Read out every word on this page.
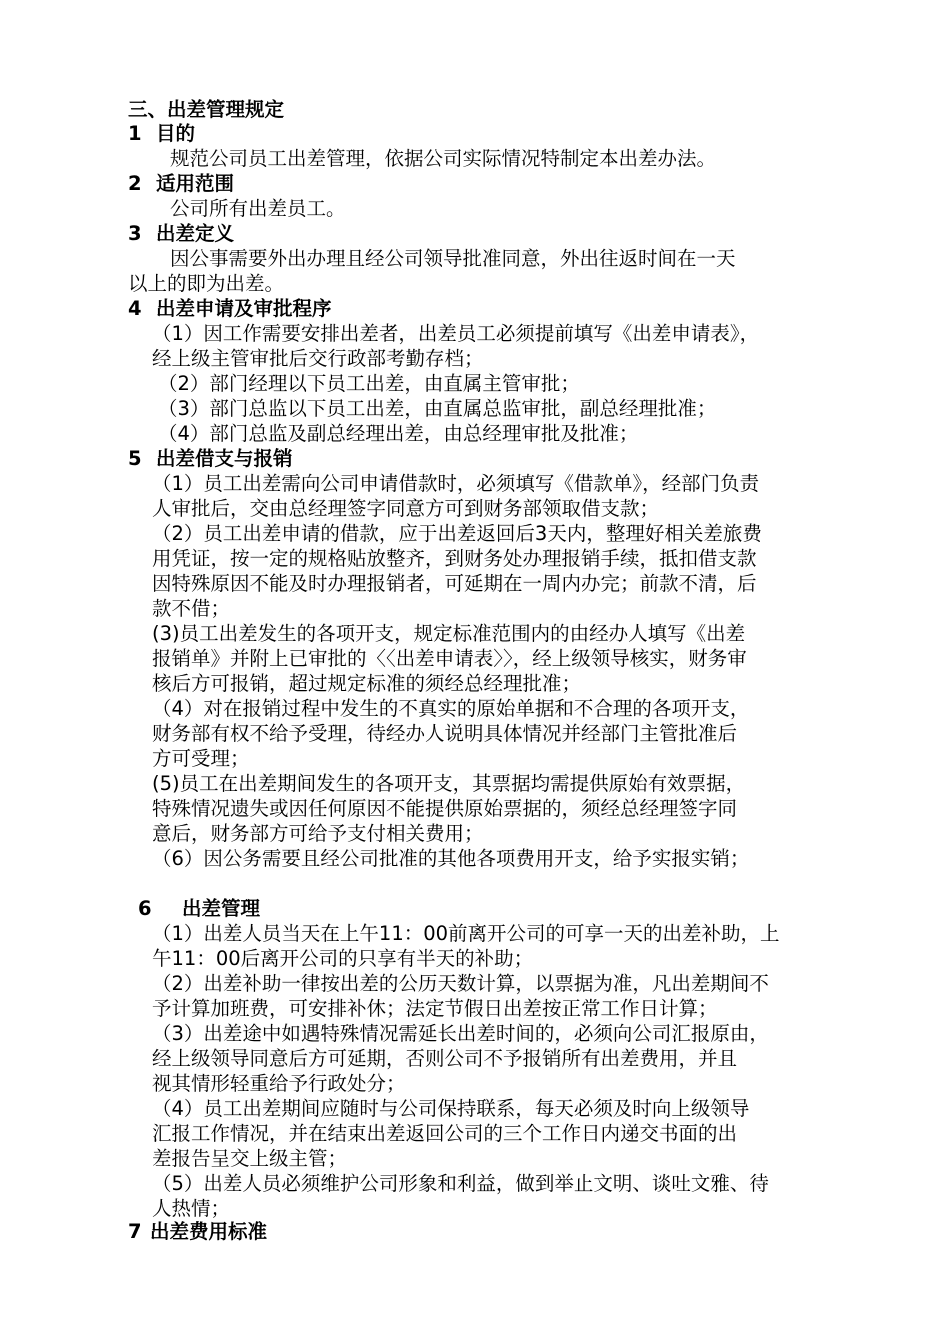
三、出差管理规定
1 目的
规范公司员工出差管理，依据公司实际情况特制定本出差办法。
2 适用范围
公司所有出差员工。
3 出差定义
因公事需要外出办理且经公司领导批准同意，外出往返时间在一天
以上的即为出差。
4 出差申请及审批程序
（1）因工作需要安排出差者，出差员工必须提前填写《出差申请表》，
经上级主管审批后交行政部考勤存档；
（2）部门经理以下员工出差，由直属主管审批；
（3）部门总监以下员工出差，由直属总监审批，副总经理批准；
（4）部门总监及副总经理出差，由总经理审批及批准；
5 出差借支与报销
（1）员工出差需向公司申请借款时，必须填写《借款单》，经部门负责
人审批后，交由总经理签字同意方可到财务部领取借支款；
（2）员工出差申请的借款，应于出差返回后3天内，整理好相关差旅费
用凭证，按一定的规格贴放整齐，到财务处办理报销手续，抵扣借支款
因特殊原因不能及时办理报销者，可延期在一周内办完；前款不清，后
款不借；
(3)员工出差发生的各项开支，规定标准范围内的由经办人填写《出差
报销单》并附上已审批的〈〈出差申请表〉〉，经上级领导核实，财务审
核后方可报销，超过规定标准的须经总经理批准；
（4）对在报销过程中发生的不真实的原始单据和不合理的各项开支，
财务部有权不给予受理，待经办人说明具体情况并经部门主管批准后
方可受理；
(5)员工在出差期间发生的各项开支，其票据均需提供原始有效票据，
特殊情况遗失或因任何原因不能提供原始票据的，须经总经理签字同
意后，财务部方可给予支付相关费用；
（6）因公务需要且经公司批准的其他各项费用开支，给予实报实销；
6 出差管理
（1）出差人员当天在上午11：00前离开公司的可享一天的出差补助，上
午11：00后离开公司的只享有半天的补助；
（2）出差补助一律按出差的公历天数计算，以票据为准，凡出差期间不
予计算加班费，可安排补休；法定节假日出差按正常工作日计算；
（3）出差途中如遇特殊情况需延长出差时间的，必须向公司汇报原由，
经上级领导同意后方可延期，否则公司不予报销所有出差费用，并且
视其情形轻重给予行政处分；
（4）员工出差期间应随时与公司保持联系，每天必须及时向上级领导
汇报工作情况，并在结束出差返回公司的三个工作日内递交书面的出
差报告呈交上级主管；
（5）出差人员必须维护公司形象和利益，做到举止文明、谈吐文雅、待
人热情；
7 出差费用标准
